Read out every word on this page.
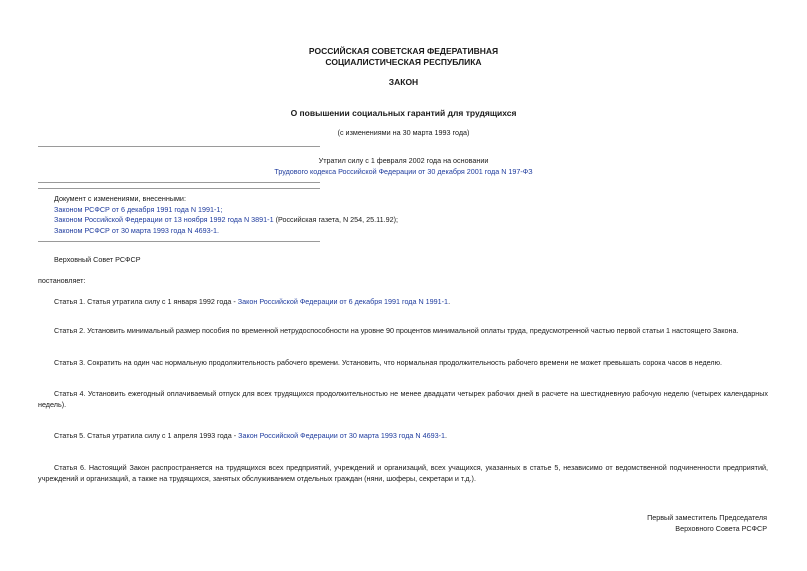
РОССИЙСКАЯ СОВЕТСКАЯ ФЕДЕРАТИВНАЯ
СОЦИАЛИСТИЧЕСКАЯ РЕСПУБЛИКА
ЗАКОН
О повышении социальных гарантий для трудящихся
(с изменениями на 30 марта 1993 года)
Утратил силу с 1 февраля 2002 года на основании
Трудового кодекса Российской Федерации от 30 декабря 2001 года N 197-ФЗ
Документ с изменениями, внесенными:
Законом РСФСР от 6 декабря 1991 года N 1991-1;
Законом Российской Федерации от 13 ноября 1992 года N 3891-1 (Российская газета, N 254, 25.11.92);
Законом РСФСР от 30 марта 1993 года N 4693-1.
Верховный Совет РСФСР
постановляет:
Статья 1. Статья утратила силу с 1 января 1992 года - Закон Российской Федерации от 6 декабря 1991 года N 1991-1.
Статья 2. Установить минимальный размер пособия по временной нетрудоспособности на уровне 90 процентов минимальной оплаты труда, предусмотренной частью первой статьи 1 настоящего Закона.
Статья 3. Сократить на один час нормальную продолжительность рабочего времени. Установить, что нормальная продолжительность рабочего времени не может превышать сорока часов в неделю.
Статья 4. Установить ежегодный оплачиваемый отпуск для всех трудящихся продолжительностью не менее двадцати четырех рабочих дней в расчете на шестидневную рабочую неделю (четырех календарных недель).
Статья 5. Статья утратила силу с 1 апреля 1993 года - Закон Российской Федерации от 30 марта 1993 года N 4693-1.
Статья 6. Настоящий Закон распространяется на трудящихся всех предприятий, учреждений и организаций, всех учащихся, указанных в статье 5, независимо от ведомственной подчиненности предприятий, учреждений и организаций, а также на трудящихся, занятых обслуживанием отдельных граждан (няни, шоферы, секретари и т.д.).
Первый заместитель Председателя
Верховного Совета РСФСР
